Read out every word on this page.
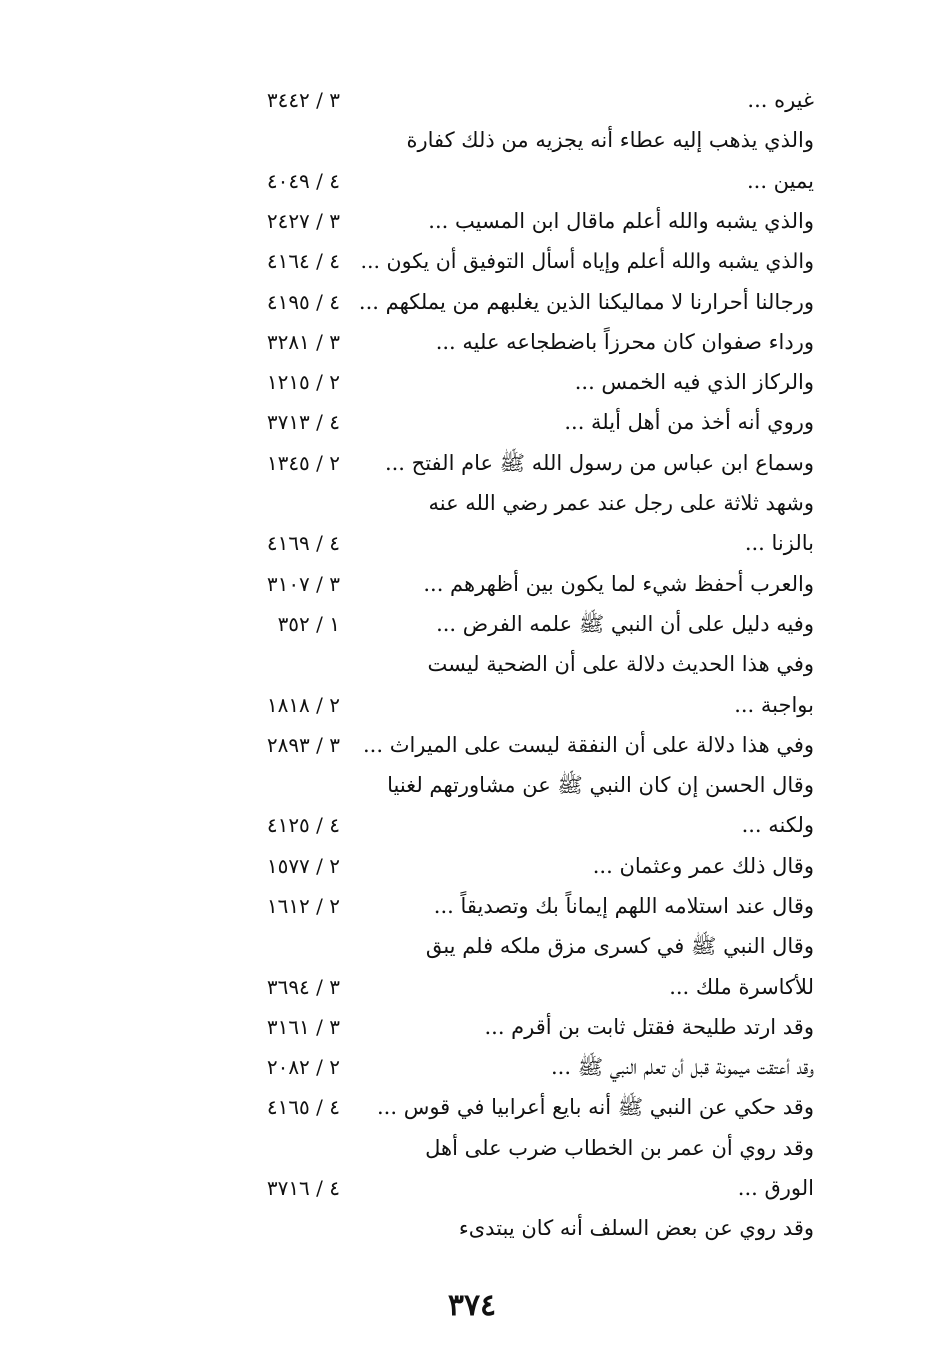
غيره ...
٣ / ٣٤٤٢
والذي يذهب إليه عطاء أنه يجزيه من ذلك كفارة
يمين ...
٤ / ٤٠٤٩
والذي يشبه والله أعلم ماقال ابن المسيب ...
٣ / ٢٤٢٧
والذي يشبه والله أعلم وإياه أسأل التوفيق أن يكون ...
٤ / ٤١٦٤
ورجالنا أحرارنا لا مماليكنا الذين يغلبهم من يملكهم ...
٤ / ٤١٩٥
ورداء صفوان كان محرزاً باضطجاعه عليه ...
٣ / ٣٢٨١
والركاز الذي فيه الخمس ...
٢ / ١٢١٥
وروي أنه أخذ من أهل أيلة ...
٤ / ٣٧١٣
وسماع ابن عباس من رسول الله ﷺ عام الفتح ...
٢ / ١٣٤٥
وشهد ثلاثة على رجل عند عمر رضي الله عنه
بالزنا ...
٤ / ٤١٦٩
والعرب أحفظ شيء لما يكون بين أظهرهم ...
٣ / ٣١٠٧
وفيه دليل على أن النبي ﷺ علمه الفرض ...
١ / ٣٥٢
وفي هذا الحديث دلالة على أن الضحية ليست
بواجبة ...
٢ / ١٨١٨
وفي هذا دلالة على أن النفقة ليست على الميراث ...
٣ / ٢٨٩٣
وقال الحسن إن كان النبي ﷺ عن مشاورتهم لغنيا
ولكنه ...
٤ / ٤١٢٥
وقال ذلك عمر وعثمان ...
٢ / ١٥٧٧
وقال عند استلامه اللهم إيماناً بك وتصديقاً ...
٢ / ١٦١٢
وقال النبي ﷺ في كسرى مزق ملكه فلم يبق
للأكاسرة ملك ...
٣ / ٣٦٩٤
وقد ارتد طليحة فقتل ثابت بن أقرم ...
٣ / ٣١٦١
وقد أعتقت ميمونة قبل أن تعلم النبي ﷺ ...
٢ / ٢٠٨٢
وقد حكي عن النبي ﷺ أنه بايع أعرابيا في قوس ...
٤ / ٤١٦٥
وقد روي أن عمر بن الخطاب ضرب على أهل
الورق ...
٤ / ٣٧١٦
وقد روي عن بعض السلف أنه كان يبتدىء
٣٧٤
